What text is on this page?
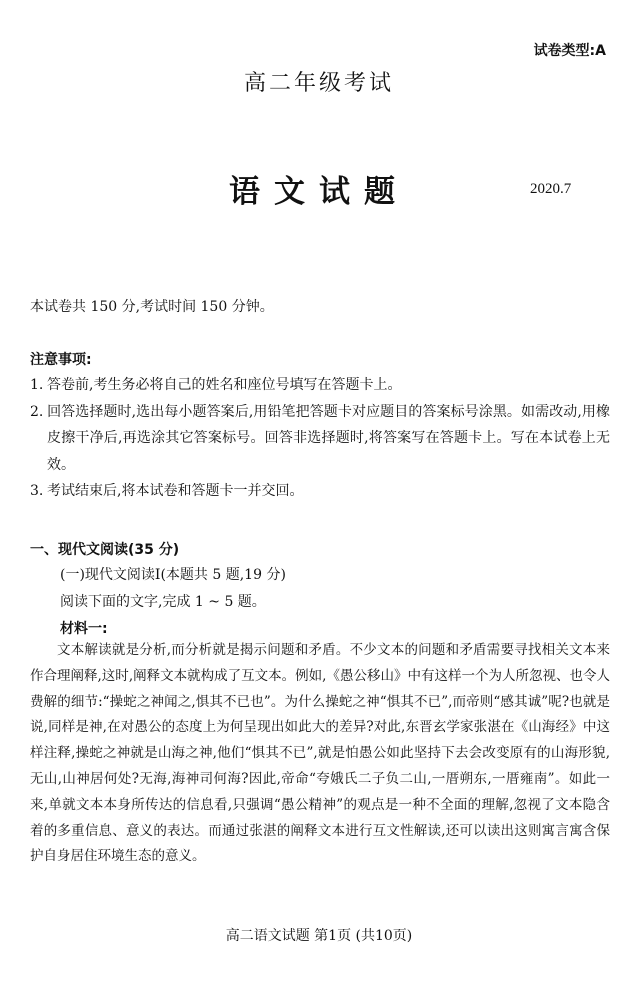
试卷类型:A
高二年级考试
语文试题	2020.7

本试卷共 150 分,考试时间 150 分钟。

注意事项:
1. 答卷前,考生务必将自己的姓名和座位号填写在答题卡上。
2. 回答选择题时,选出每小题答案后,用铅笔把答题卡对应题目的答案标号涂黑。如需改动,用橡皮擦干净后,再选涂其它答案标号。回答非选择题时,将答案写在答题卡上。写在本试卷上无效。
3. 考试结束后,将本试卷和答题卡一并交回。
一、现代文阅读(35 分)
(一)现代文阅读Ⅰ(本题共 5 题,19 分)
阅读下面的文字,完成 1 ~ 5 题。
材料一:

文本解读就是分析,而分析就是揭示问题和矛盾。不少文本的问题和矛盾需要寻找相关文本来作合理阐释,这时,阐释文本就构成了互文本。例如,《愚公移山》中有这样一个为人所忽视、也令人费解的细节:“操蛇之神闻之,惧其不已也”。为什么操蛇之神“惧其不已”,而帝则“感其诚”呢?也就是说,同样是神,在对愚公的态度上为何呈现出如此大的差异?对此,东晋玄学家张湛在《山海经》中这样注释,操蛇之神就是山海之神,他们“惧其不已”,就是怕愚公如此坚持下去会改变原有的山海形貌,无山,山神居何处?无海,海神司何海?因此,帝命“夸娥氏二子负二山,一厝朔东,一厝雍南”。如此一来,单就文本本身所传达的信息看,只强调“愚公精神”的观点是一种不全面的理解,忽视了文本隐含着的多重信息、意义的表达。而通过张湛的阐释文本进行互文性解读,还可以读出这则寓言寓含保护自身居住环境生态的意义。

高二语文试题 第1页 (共10页)
